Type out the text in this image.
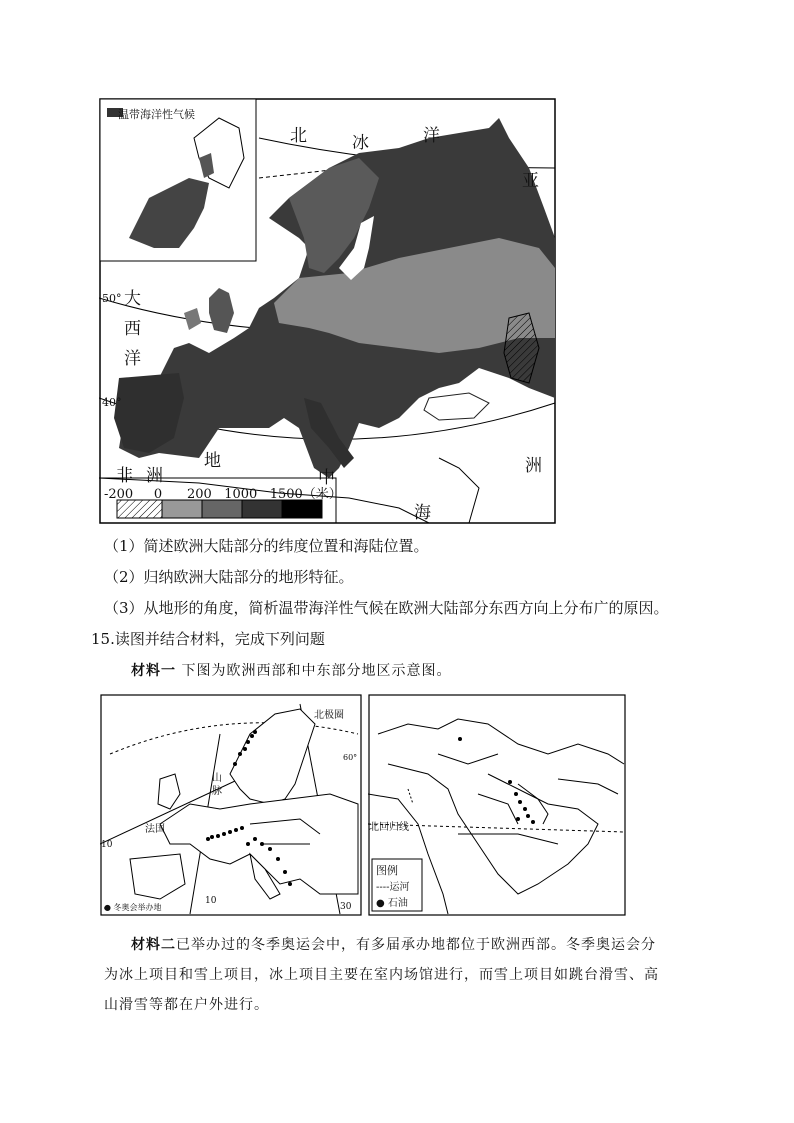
温带海洋性气候
北	冰	洋
亚
大
西
洋
50°
40°
非 洲
地
中
洲
海
-200 0 200 1000 1500（米）
（1）简述欧洲大陆部分的纬度位置和海陆位置。
（2）归纳欧洲大陆部分的地形特征。
（3）从地形的角度，简析温带海洋性气候在欧洲大陆部分东西方向上分布广的原因。
15.读图并结合材料，完成下列问题
材料一 下图为欧洲西部和中东部分地区示意图。
北极圈
法国
山
脉
10
10
30
60°
● 冬奥会举办地
北回归线
图例
----运河
● 石油
材料二已举办过的冬季奥运会中，有多届承办地都位于欧洲西部。冬季奥运会分
为冰上项目和雪上项目，冰上项目主要在室内场馆进行，而雪上项目如跳台滑雪、高
山滑雪等都在户外进行。
